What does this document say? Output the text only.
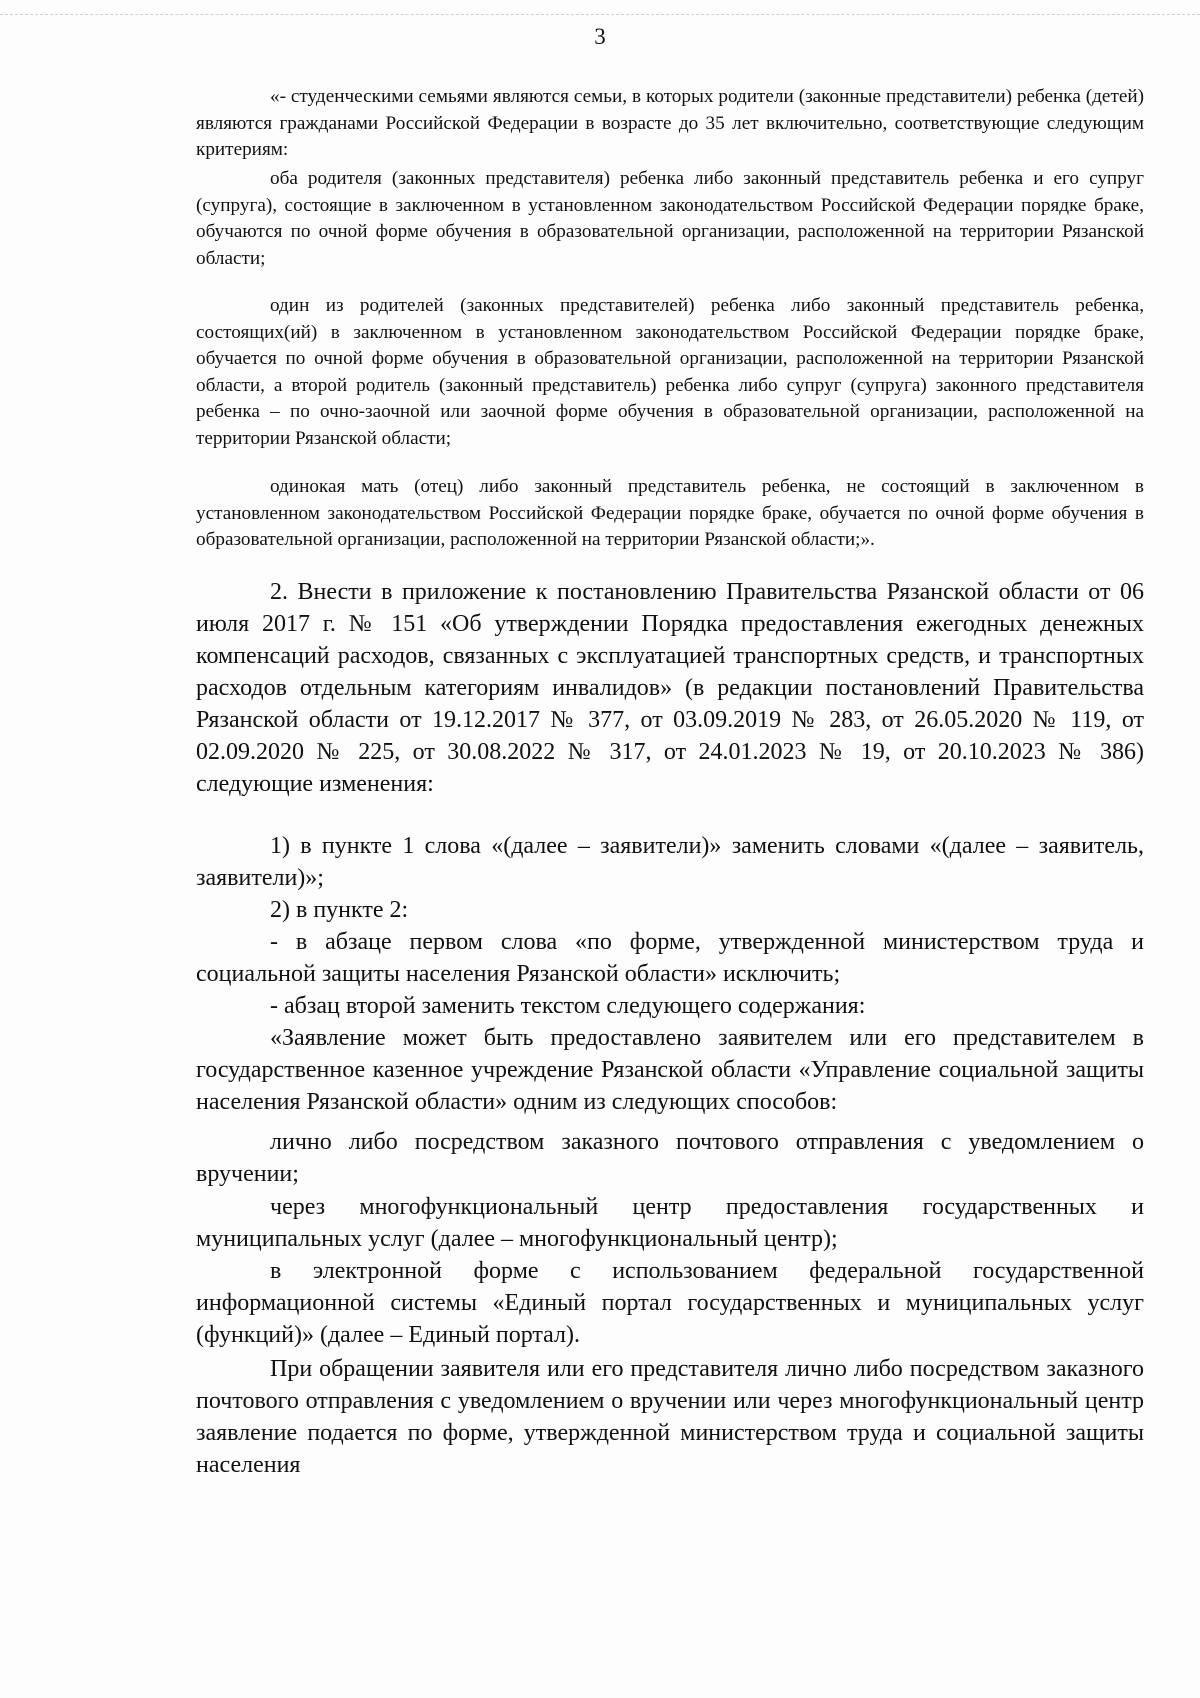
3

«- студенческими семьями являются семьи, в которых родители (законные представители) ребенка (детей) являются гражданами Российской Федерации в возрасте до 35 лет включительно, соответствующие следующим критериям:

оба родителя (законных представителя) ребенка либо законный представитель ребенка и его супруг (супруга), состоящие в заключенном в установленном законодательством Российской Федерации порядке браке, обучаются по очной форме обучения в образовательной организации, расположенной на территории Рязанской области;

один из родителей (законных представителей) ребенка либо законный представитель ребенка, состоящих(ий) в заключенном в установленном законодательством Российской Федерации порядке браке, обучается по очной форме обучения в образовательной организации, расположенной на территории Рязанской области, а второй родитель (законный представитель) ребенка либо супруг (супруга) законного представителя ребенка – по очно-заочной или заочной форме обучения в образовательной организации, расположенной на территории Рязанской области;

одинокая мать (отец) либо законный представитель ребенка, не состоящий в заключенном в установленном законодательством Российской Федерации порядке браке, обучается по очной форме обучения в образовательной организации, расположенной на территории Рязанской области;».

2. Внести в приложение к постановлению Правительства Рязанской области от 06 июля 2017 г. № 151 «Об утверждении Порядка предоставления ежегодных денежных компенсаций расходов, связанных с эксплуатацией транспортных средств, и транспортных расходов отдельным категориям инвалидов» (в редакции постановлений Правительства Рязанской области от 19.12.2017 № 377, от 03.09.2019 № 283, от 26.05.2020 № 119, от 02.09.2020 № 225, от 30.08.2022 № 317, от 24.01.2023 № 19, от 20.10.2023 № 386) следующие изменения:

1) в пункте 1 слова «(далее – заявители)» заменить словами «(далее – заявитель, заявители)»;

2) в пункте 2:

- в абзаце первом слова «по форме, утвержденной министерством труда и социальной защиты населения Рязанской области» исключить;

- абзац второй заменить текстом следующего содержания:

«Заявление может быть предоставлено заявителем или его представителем в государственное казенное учреждение Рязанской области «Управление социальной защиты населения Рязанской области» одним из следующих способов:

лично либо посредством заказного почтового отправления с уведомлением о вручении;

через многофункциональный центр предоставления государственных и муниципальных услуг (далее – многофункциональный центр);

в электронной форме с использованием федеральной государственной информационной системы «Единый портал государственных и муниципальных услуг (функций)» (далее – Единый портал).

При обращении заявителя или его представителя лично либо посредством заказного почтового отправления с уведомлением о вручении или через многофункциональный центр заявление подается по форме, утвержденной министерством труда и социальной защиты населения
